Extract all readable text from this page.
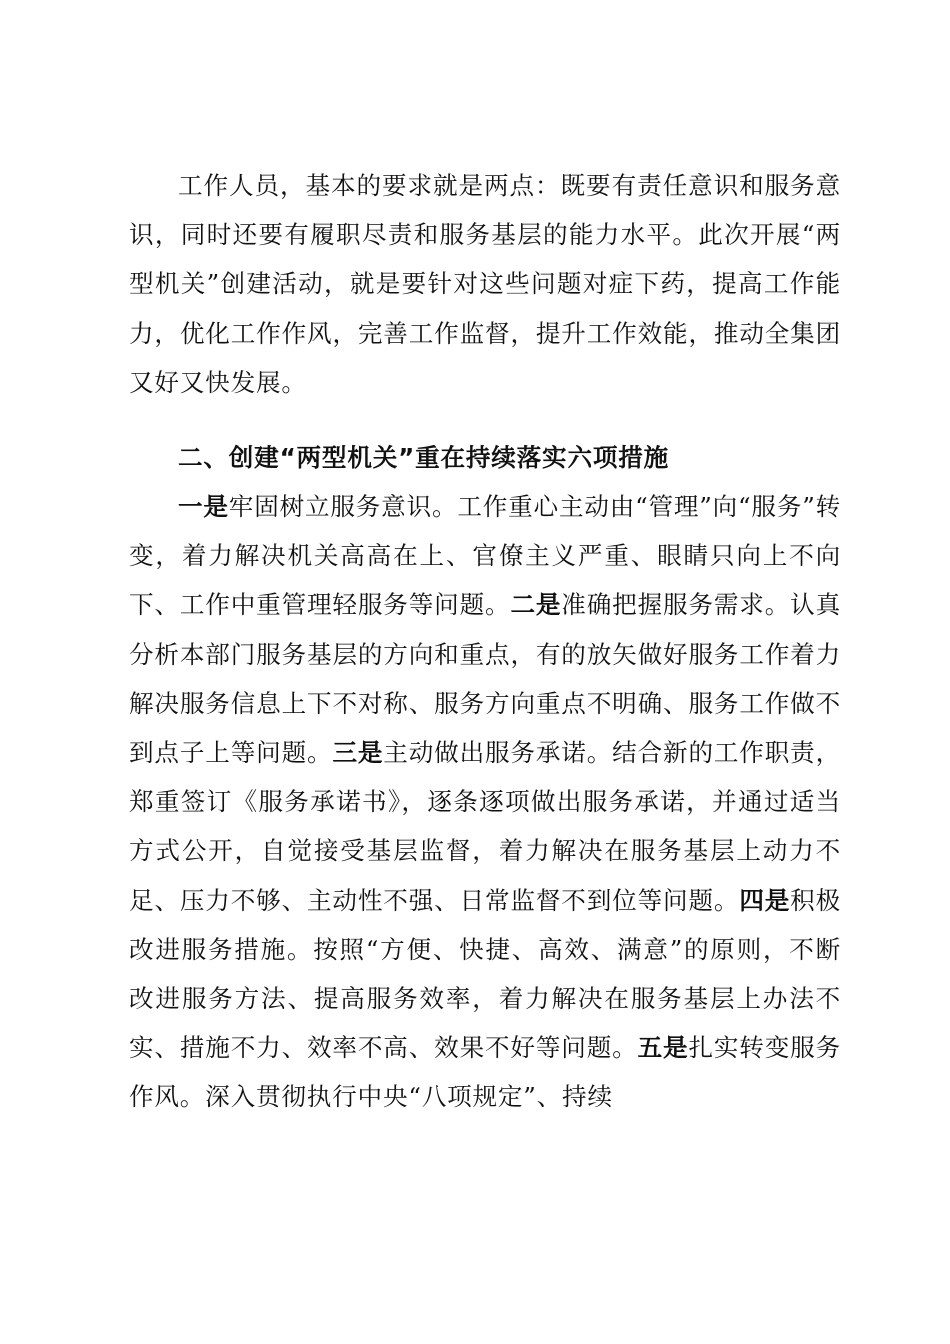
工作人员，基本的要求就是两点：既要有责任意识和服务意识，同时还要有履职尽责和服务基层的能力水平。此次开展“两型机关”创建活动，就是要针对这些问题对症下药，提高工作能力，优化工作作风，完善工作监督，提升工作效能，推动全集团又好又快发展。

二、创建“两型机关”重在持续落实六项措施

一是牢固树立服务意识。工作重心主动由“管理”向“服务”转变，着力解决机关高高在上、官僚主义严重、眼睛只向上不向下、工作中重管理轻服务等问题。二是准确把握服务需求。认真分析本部门服务基层的方向和重点，有的放矢做好服务工作着力解决服务信息上下不对称、服务方向重点不明确、服务工作做不到点子上等问题。三是主动做出服务承诺。结合新的工作职责，郑重签订《服务承诺书》，逐条逐项做出服务承诺，并通过适当方式公开，自觉接受基层监督，着力解决在服务基层上动力不足、压力不够、主动性不强、日常监督不到位等问题。四是积极改进服务措施。按照“方便、快捷、高效、满意”的原则，不断改进服务方法、提高服务效率，着力解决在服务基层上办法不实、措施不力、效率不高、效果不好等问题。五是扎实转变服务作风。深入贯彻执行中央“八项规定”、持续
